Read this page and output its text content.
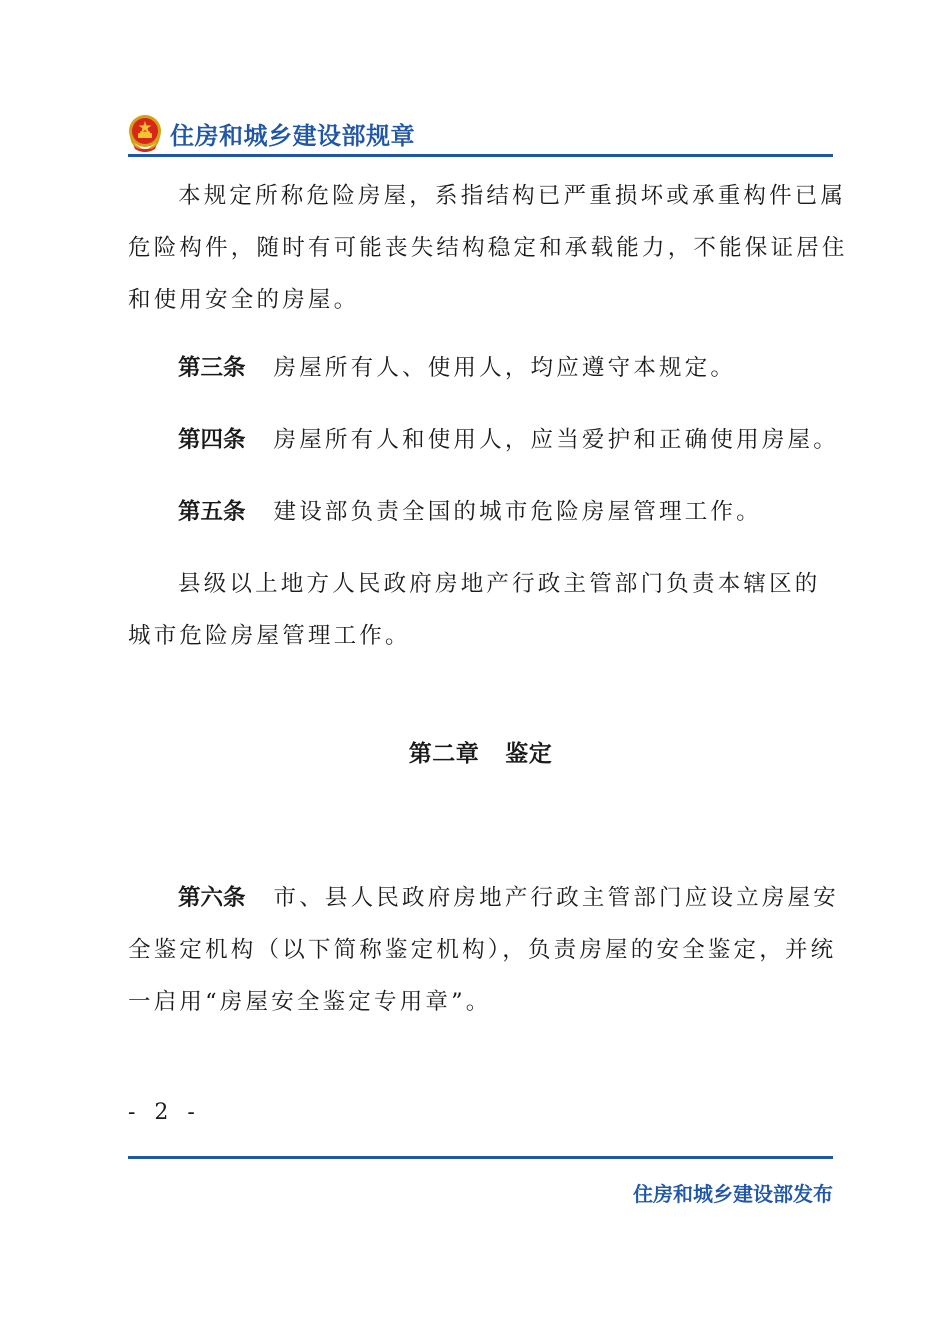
住房和城乡建设部规章
本规定所称危险房屋，系指结构已严重损坏或承重构件已属
危险构件，随时有可能丧失结构稳定和承载能力，不能保证居住
和使用安全的房屋。
第三条 房屋所有人、使用人，均应遵守本规定。
第四条 房屋所有人和使用人，应当爱护和正确使用房屋。
第五条 建设部负责全国的城市危险房屋管理工作。
县级以上地方人民政府房地产行政主管部门负责本辖区的
城市危险房屋管理工作。
第二章 鉴定
第六条 市、县人民政府房地产行政主管部门应设立房屋安
全鉴定机构（以下简称鉴定机构），负责房屋的安全鉴定，并统
一启用“房屋安全鉴定专用章”。
- 2 -
住房和城乡建设部发布
